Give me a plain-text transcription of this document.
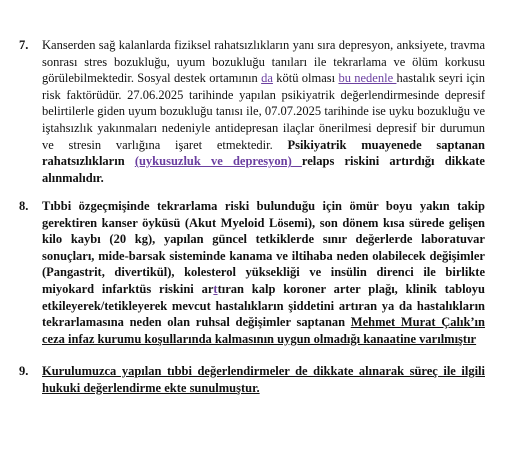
7. Kanserden sağ kalanlarda fiziksel rahatsızlıkların yanı sıra depresyon, anksiyete, travma sonrası stres bozukluğu, uyum bozukluğu tanıları ile tekrarlama ve ölüm korkusu görülebilmektedir. Sosyal destek ortamının da kötü olması bu nedenle hastalık seyri için risk faktörüdür. 27.06.2025 tarihinde yapılan psikiyatrik değerlendirmesinde depresif belirtilerle giden uyum bozukluğu tanısı ile, 07.07.2025 tarihinde ise uyku bozukluğu ve iştahsızlık yakınmaları nedeniyle antidepresan ilaçlar önerilmesi depresif bir durumun ve stresin varlığına işaret etmektedir. Psikiyatrik muayenede saptanan rahatsızlıkların (uykusuzluk ve depresyon) relaps riskini artırdığı dikkate alınmalıdır.
8. Tıbbi özgeçmişinde tekrarlama riski bulunduğu için ömür boyu yakın takip gerektiren kanser öyküsü (Akut Myeloid Lösemi), son dönem kısa sürede gelişen kilo kaybı (20 kg), yapılan güncel tetkiklerde sınır değerlerde laboratuvar sonuçları, mide-barsak sisteminde kanama ve iltihaba neden olabilecek değişimler (Pangastrit, divertikül), kolesterol yüksekliği ve insülin direnci ile birlikte miyokard infarktüs riskini arttıran kalp koroner arter plağı, klinik tabloyu etkileyerek/tetikleyerek mevcut hastalıkların şiddetini artıran ya da hastalıkların tekrarlamasına neden olan ruhsal değişimler saptanan Mehmet Murat Çalık’ın ceza infaz kurumu koşullarında kalmasının uygun olmadığı kanaatine varılmıştır
9. Kurulumuzca yapılan tıbbi değerlendirmeler de dikkate alınarak süreç ile ilgili hukuki değerlendirme ekte sunulmuştur.
